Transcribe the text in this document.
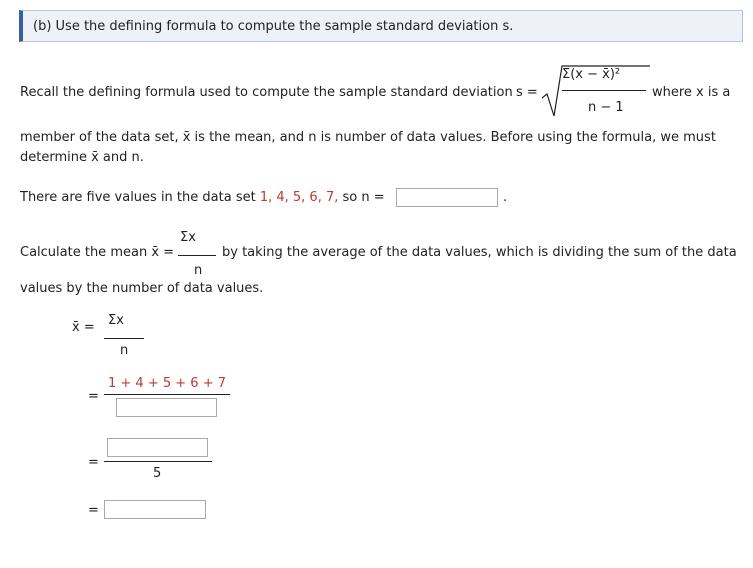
(b) Use the defining formula to compute the sample standard deviation s.
Recall the defining formula used to compute the sample standard deviation s =
Σ(x − x̄)²
n − 1
where x is a
member of the data set, x̄ is the mean, and n is number of data values. Before using the formula, we must
determine x̄ and n.
There are five values in the data set 1, 4, 5, 6, 7, so n =	.
Calculate the mean x̄ =
Σx
n
by taking the average of the data values, which is dividing the sum of the data
values by the number of data values.
x̄ = Σx
n
1 + 4 + 5 + 6 + 7
=
=
5
=
